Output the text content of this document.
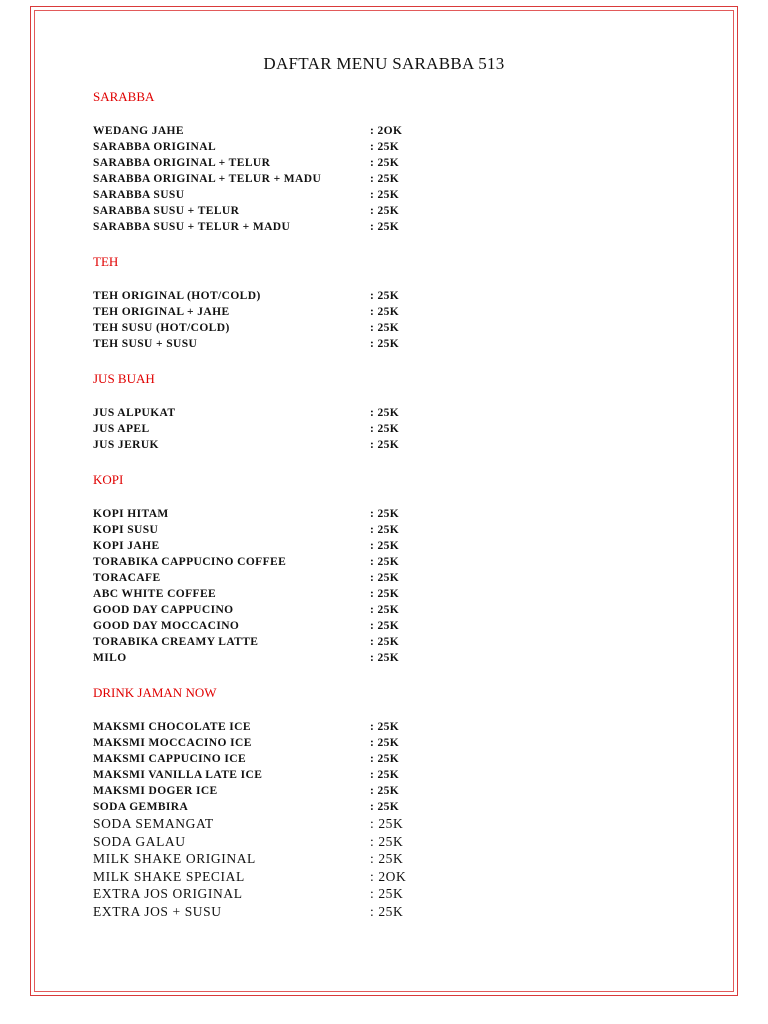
DAFTAR MENU SARABBA 513
SARABBA
WEDANG JAHE	: 2OK
SARABBA ORIGINAL	: 25K
SARABBA ORIGINAL + TELUR	: 25K
SARABBA ORIGINAL + TELUR + MADU	: 25K
SARABBA SUSU	: 25K
SARABBA SUSU + TELUR	: 25K
SARABBA SUSU + TELUR + MADU	: 25K
TEH
TEH ORIGINAL (HOT/COLD)	: 25K
TEH ORIGINAL + JAHE	: 25K
TEH SUSU (HOT/COLD)	: 25K
TEH SUSU + SUSU	: 25K
JUS BUAH
JUS ALPUKAT	: 25K
JUS APEL	: 25K
JUS JERUK	: 25K
KOPI
KOPI HITAM	: 25K
KOPI SUSU	: 25K
KOPI JAHE	: 25K
TORABIKA CAPPUCINO COFFEE	: 25K
TORACAFE	: 25K
ABC WHITE COFFEE	: 25K
GOOD DAY CAPPUCINO	: 25K
GOOD DAY MOCCACINO	: 25K
TORABIKA CREAMY LATTE	: 25K
MILO	: 25K
DRINK JAMAN NOW
MAKSMI CHOCOLATE ICE	: 25K
MAKSMI MOCCACINO ICE	: 25K
MAKSMI CAPPUCINO ICE	: 25K
MAKSMI VANILLA LATE ICE	: 25K
MAKSMI DOGER ICE	: 25K
SODA GEMBIRA	: 25K
SODA SEMANGAT	: 25K
SODA GALAU	: 25K
MILK SHAKE ORIGINAL	: 25K
MILK SHAKE SPECIAL	: 2OK
EXTRA JOS ORIGINAL	: 25K
EXTRA JOS + SUSU	: 25K
